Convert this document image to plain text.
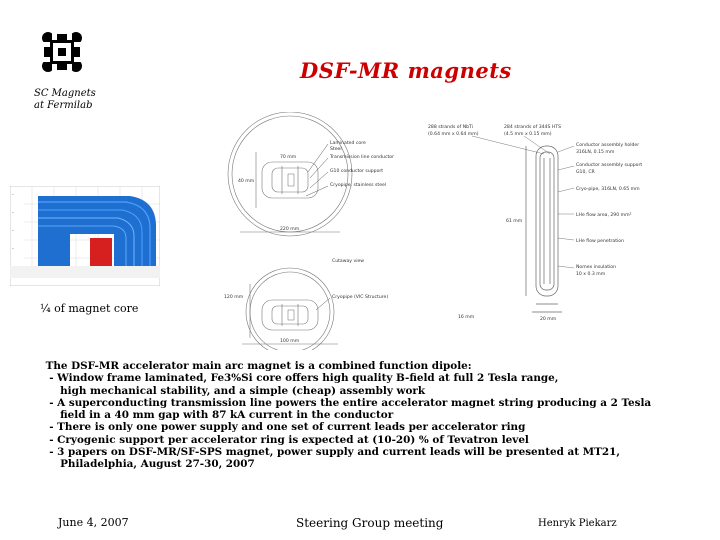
DSF-MR magnets
SC Magnets
at Fermilab
-
-
-
-
¼ of magnet core
Laminated core
Transmission line conductor
G10 conductor support
Cryopipe, stainless steel
Steel
70 mm
40 mm
220 mm
120 mm
100 mm
Cutaway view
Cryopipe (VIC Structure)
288 strands of NbTi
(0.64 mm x 0.64 mm)
284 strands of 344S HTS
(4.5 mm x 0.15 mm)
Conductor assembly holder
316LN, 0.15 mm
Conductor assembly support
G10, CR
Cryo-pipe, 316LN, 0.65 mm
LHe flow area, 290 mm²
LHe flow penetration
Nomex insulation
10 x 0.3 mm
61 mm
16 mm	20 mm
The DSF-MR accelerator main arc magnet is a combined function dipole:
- Window frame laminated, Fe3%Si core offers high quality B-field at full 2 Tesla range,
high mechanical stability, and a simple (cheap) assembly work
- A superconducting transmission line powers the entire accelerator magnet string producing a 2 Tesla
field in a 40 mm gap with 87 kA current in the conductor
- There is only one power supply and one set of current leads per accelerator ring
- Cryogenic support per accelerator ring is expected at (10-20) % of Tevatron level
- 3 papers on DSF-MR/SF-SPS magnet, power supply and current leads will be presented at MT21,
Philadelphia, August 27-30, 2007
June 4, 2007	Steering Group meeting	Henryk Piekarz
